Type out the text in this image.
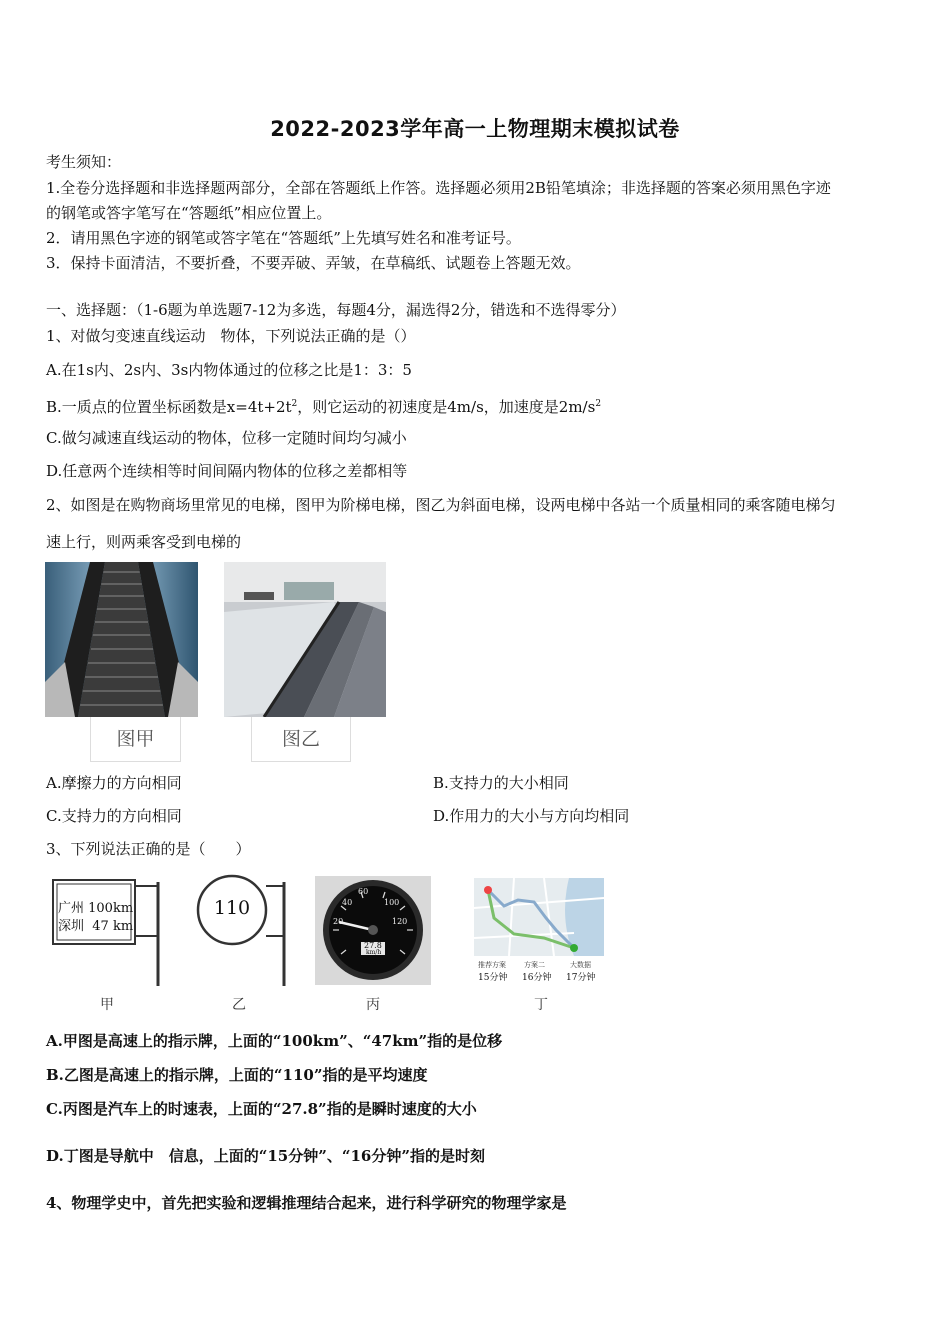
2022-2023学年高一上物理期末模拟试卷
考生须知：
1.全卷分选择题和非选择题两部分，全部在答题纸上作答。选择题必须用2B铅笔填涂；非选择题的答案必须用黑色字迹
的钢笔或答字笔写在“答题纸”相应位置上。
2．请用黑色字迹的钢笔或答字笔在“答题纸”上先填写姓名和准考证号。
3．保持卡面清洁，不要折叠，不要弄破、弄皱，在草稿纸、试题卷上答题无效。
一、选择题：（1-6题为单选题7-12为多选，每题4分，漏选得2分，错选和不选得零分）
1、对做匀变速直线运动　物体，下列说法正确的是（）
A.在1s内、2s内、3s内物体通过的位移之比是1：3：5
B.一质点的位置坐标函数是$x=4t+2t^2$，则它运动的初速度是4m/s，加速度是$2m/s^2$
C.做匀减速直线运动的物体，位移一定随时间均匀减小
D.任意两个连续相等时间间隔内物体的位移之差都相等
2、如图是在购物商场里常见的电梯，图甲为阶梯电梯，图乙为斜面电梯，设两电梯中各站一个质量相同的乘客随电梯匀
速上行，则两乘客受到电梯的
图甲	图乙
A.摩擦力的方向相同	B.支持力的大小相同
C.支持力的方向相同	D.作用力的大小与方向均相同
3、下列说法正确的是（　　）
广州 100km
深圳  47 km
110
20
40
60
100
120
27.8
km/h
推荐方案
15分钟
方案二
16分钟
大数据
17分钟
甲	乙	丙	丁
A.甲图是高速上的指示牌，上面的“100km”、“47km”指的是位移
B.乙图是高速上的指示牌，上面的“110”指的是平均速度
C.丙图是汽车上的时速表，上面的“27.8”指的是瞬时速度的大小
D.丁图是导航中　信息，上面的“15分钟”、“16分钟”指的是时刻
4、物理学史中，首先把实验和逻辑推理结合起来，进行科学研究的物理学家是
